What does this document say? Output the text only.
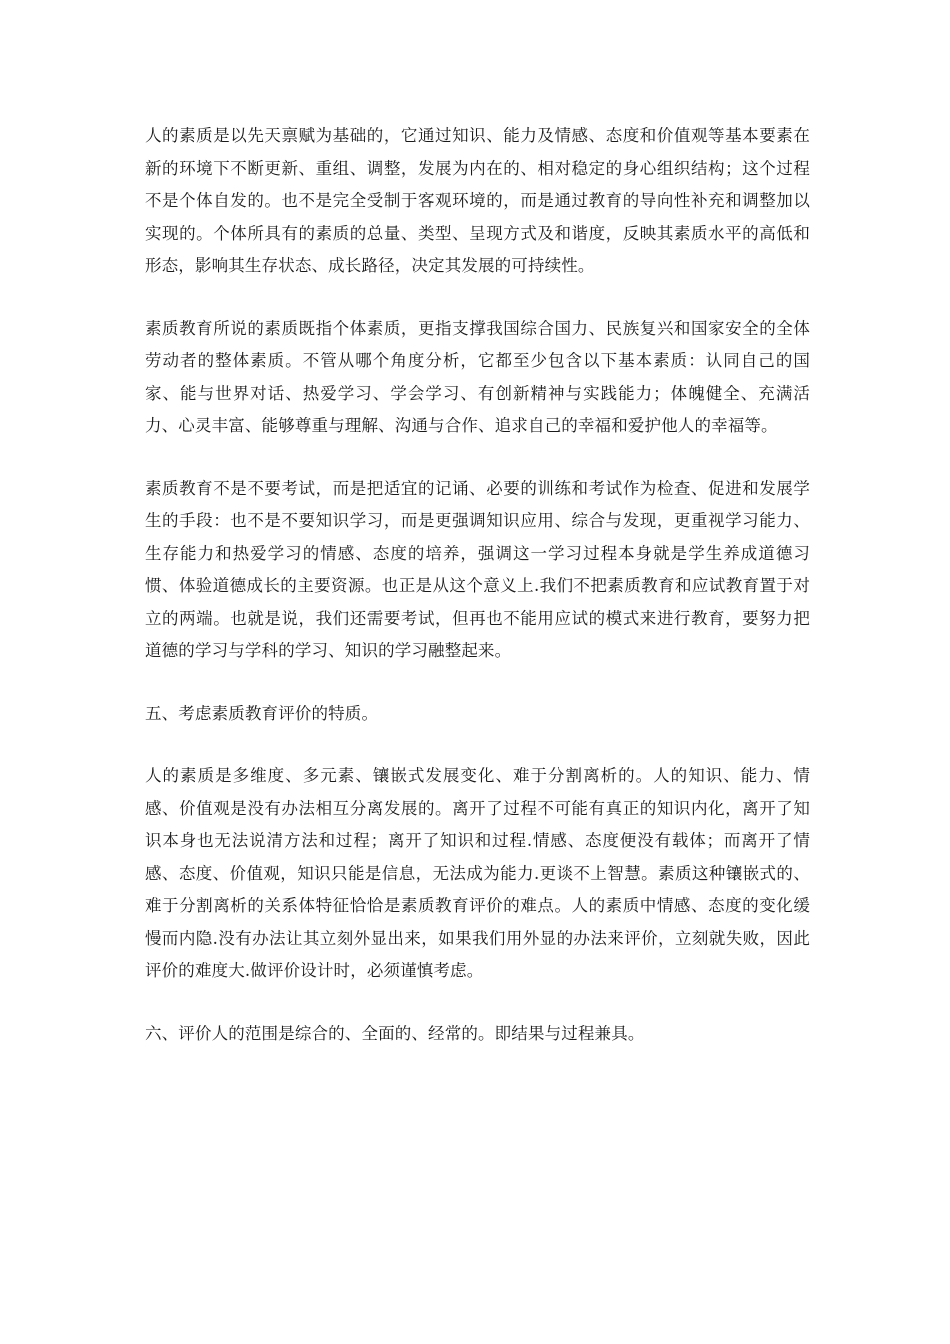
人的素质是以先天禀赋为基础的，它通过知识、能力及情感、态度和价值观等基本要素在新的环境下不断更新、重组、调整，发展为内在的、相对稳定的身心组织结构；这个过程不是个体自发的。也不是完全受制于客观环境的，而是通过教育的导向性补充和调整加以实现的。个体所具有的素质的总量、类型、呈现方式及和谐度，反映其素质水平的高低和形态，影响其生存状态、成长路径，决定其发展的可持续性。

素质教育所说的素质既指个体素质，更指支撑我国综合国力、民族复兴和国家安全的全体劳动者的整体素质。不管从哪个角度分析，它都至少包含以下基本素质：认同自己的国家、能与世界对话、热爱学习、学会学习、有创新精神与实践能力；体魄健全、充满活力、心灵丰富、能够尊重与理解、沟通与合作、追求自己的幸福和爱护他人的幸福等。

素质教育不是不要考试，而是把适宜的记诵、必要的训练和考试作为检查、促进和发展学生的手段：也不是不要知识学习，而是更强调知识应用、综合与发现，更重视学习能力、生存能力和热爱学习的情感、态度的培养，强调这一学习过程本身就是学生养成道德习惯、体验道德成长的主要资源。也正是从这个意义上.我们不把素质教育和应试教育置于对立的两端。也就是说，我们还需要考试，但再也不能用应试的模式来进行教育，要努力把道德的学习与学科的学习、知识的学习融整起来。

五、考虑素质教育评价的特质。

人的素质是多维度、多元素、镶嵌式发展变化、难于分割离析的。人的知识、能力、情感、价值观是没有办法相互分离发展的。离开了过程不可能有真正的知识内化，离开了知识本身也无法说清方法和过程；离开了知识和过程.情感、态度便没有载体；而离开了情感、态度、价值观，知识只能是信息，无法成为能力.更谈不上智慧。素质这种镶嵌式的、难于分割离析的关系体特征恰恰是素质教育评价的难点。人的素质中情感、态度的变化缓慢而内隐.没有办法让其立刻外显出来，如果我们用外显的办法来评价，立刻就失败，因此评价的难度大.做评价设计时，必须谨慎考虑。

六、评价人的范围是综合的、全面的、经常的。即结果与过程兼具。
